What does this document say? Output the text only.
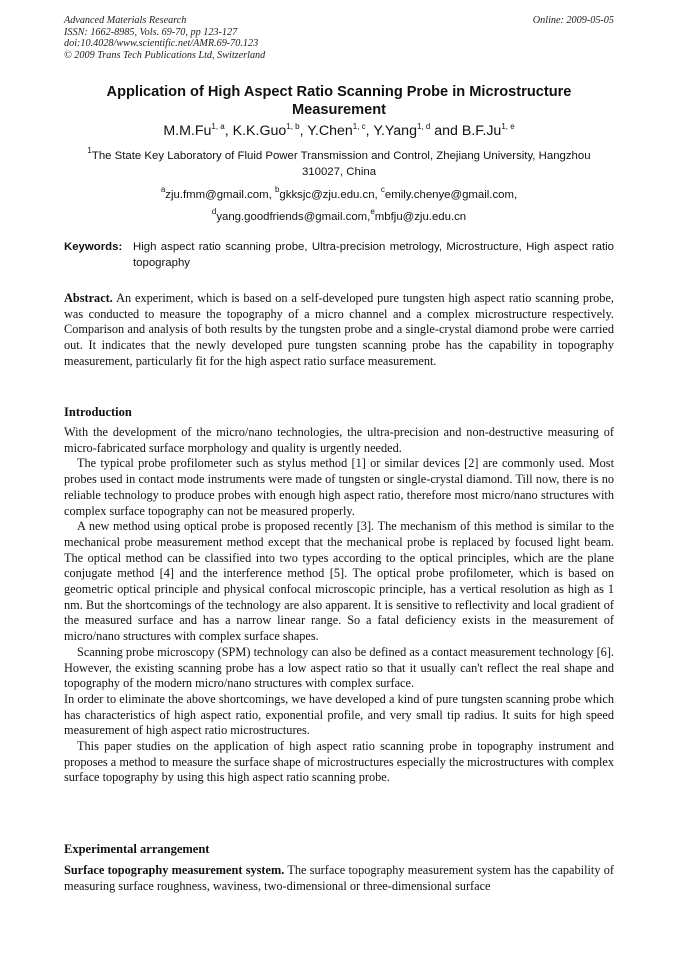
Advanced Materials Research
ISSN: 1662-8985, Vols. 69-70, pp 123-127
doi:10.4028/www.scientific.net/AMR.69-70.123
© 2009 Trans Tech Publications Ltd, Switzerland
Online: 2009-05-05
Application of High Aspect Ratio Scanning Probe in Microstructure Measurement
M.M.Fu$^{1, a}$, K.K.Guo$^{1, b}$, Y.Chen$^{1, c}$, Y.Yang$^{1, d}$ and B.F.Ju$^{1, e}$
$^1$The State Key Laboratory of Fluid Power Transmission and Control, Zhejiang University, Hangzhou 310027, China
$^a$zju.fmm@gmail.com, $^b$gkksjc@zju.edu.cn, $^c$emily.chenye@gmail.com,
$^d$yang.goodfriends@gmail.com,$^e$mbfju@zju.edu.cn
Keywords: High aspect ratio scanning probe, Ultra-precision metrology, Microstructure, High aspect ratio topography
Abstract. An experiment, which is based on a self-developed pure tungsten high aspect ratio scanning probe, was conducted to measure the topography of a micro channel and a complex microstructure respectively. Comparison and analysis of both results by the tungsten probe and a single-crystal diamond probe were carried out. It indicates that the newly developed pure tungsten scanning probe has the capability in topography measurement, particularly fit for the high aspect ratio surface measurement.
Introduction

With the development of the micro/nano technologies, the ultra-precision and non-destructive measuring of micro-fabricated surface morphology and quality is urgently needed.

The typical probe profilometer such as stylus method [1] or similar devices [2] are commonly used. Most probes used in contact mode instruments were made of tungsten or single-crystal diamond. Till now, there is no reliable technology to produce probes with enough high aspect ratio, therefore most micro/nano structures with complex surface topography can not be measured properly.

A new method using optical probe is proposed recently [3]. The mechanism of this method is similar to the mechanical probe measurement method except that the mechanical probe is replaced by focused light beam. The optical method can be classified into two types according to the optical principles, which are the plane conjugate method [4] and the interference method [5]. The optical probe profilometer, which is based on geometric optical principle and physical confocal microscopic principle, has a vertical resolution as high as 1 nm. But the shortcomings of the technology are also apparent. It is sensitive to reflectivity and local gradient of the measured surface and has a narrow linear range. So a fatal deficiency exists in the measurement of micro/nano structures with complex surface shapes.

Scanning probe microscopy (SPM) technology can also be defined as a contact measurement technology [6]. However, the existing scanning probe has a low aspect ratio so that it usually can't reflect the real shape and topography of the modern micro/nano structures with complex surface.

In order to eliminate the above shortcomings, we have developed a kind of pure tungsten scanning probe which has characteristics of high aspect ratio, exponential profile, and very small tip radius. It suits for high speed measurement of high aspect ratio microstructures.

This paper studies on the application of high aspect ratio scanning probe in topography instrument and proposes a method to measure the surface shape of microstructures especially the microstructures with complex surface topography by using this high aspect ratio scanning probe.

Experimental arrangement
Surface topography measurement system. The surface topography measurement system has the capability of measuring surface roughness, waviness, two-dimensional or three-dimensional surface
